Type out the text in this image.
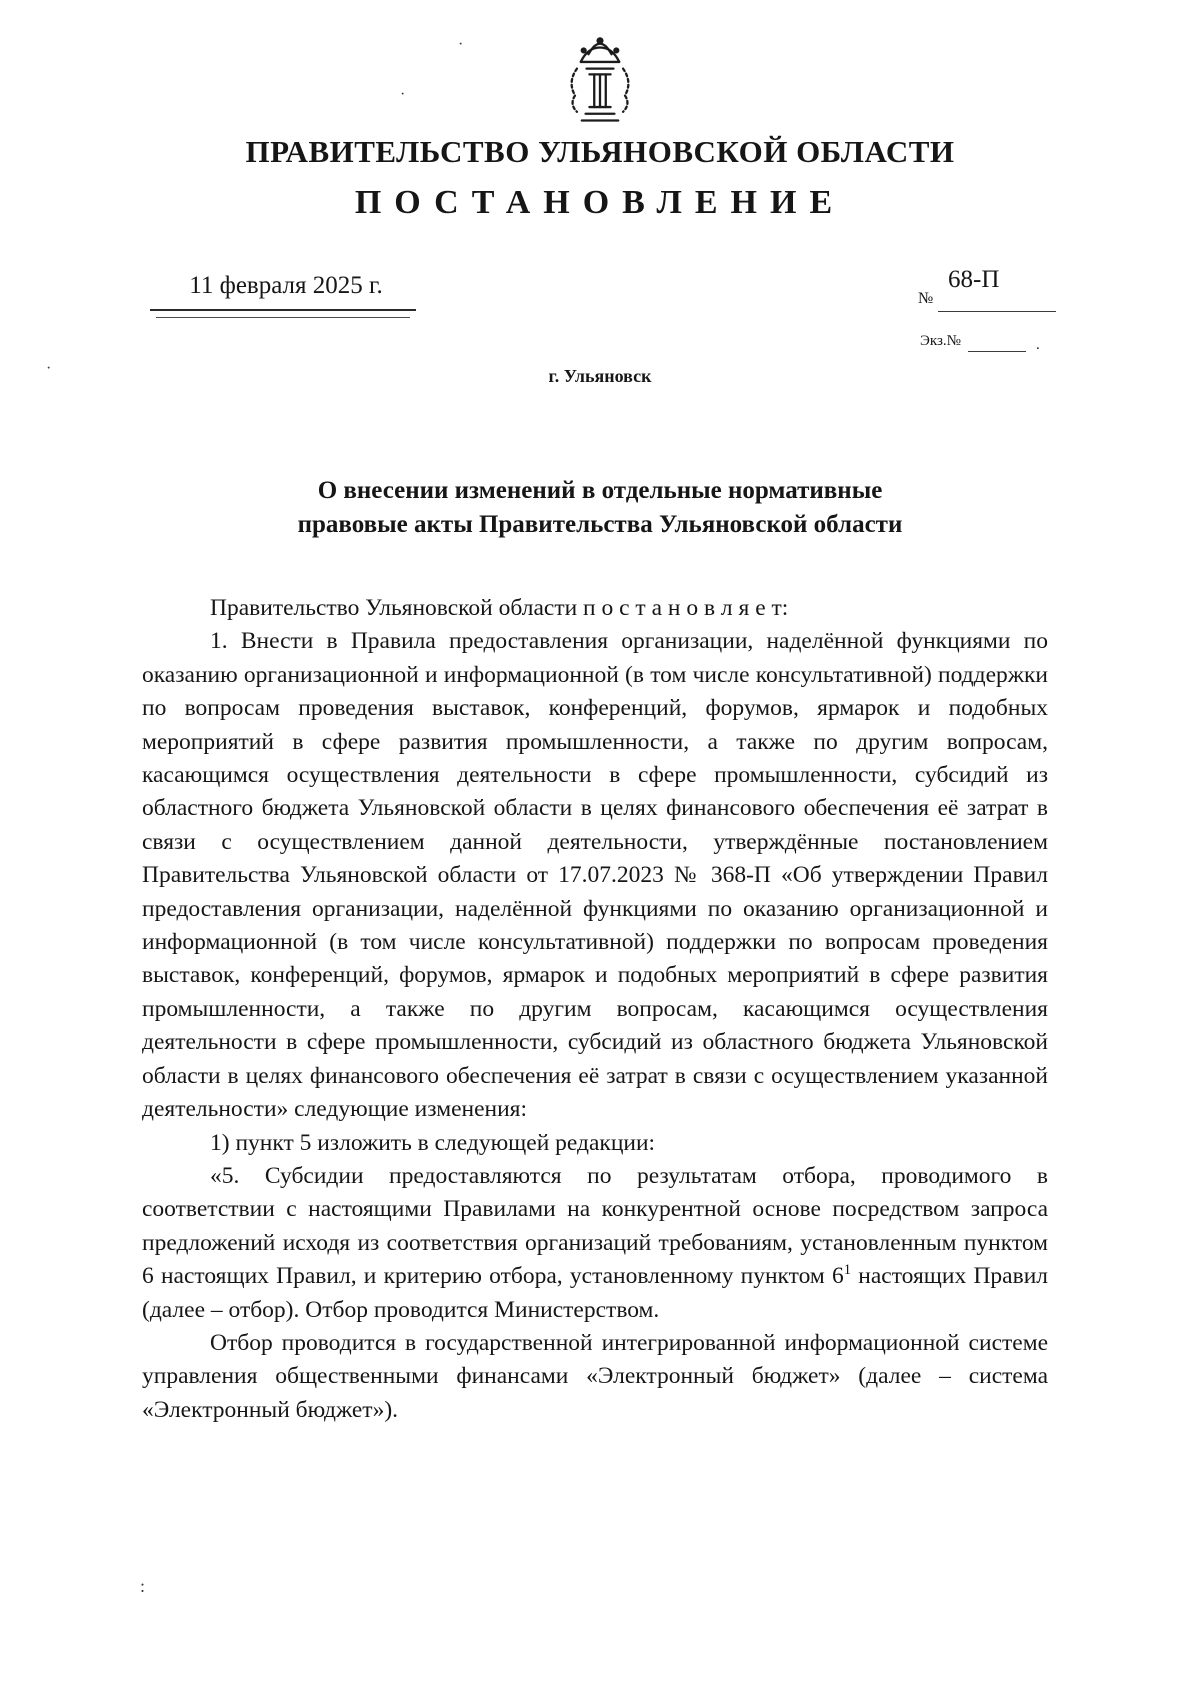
ПРАВИТЕЛЬСТВО УЛЬЯНОВСКОЙ ОБЛАСТИ
ПОСТАНОВЛЕНИЕ
11 февраля 2025 г.	68-П
№
Экз.№	.
г. Ульяновск
О внесении изменений в отдельные нормативные
правовые акты Правительства Ульяновской области

Правительство Ульяновской области п о с т а н о в л я е т:

1. Внести в Правила предоставления организации, наделённой функциями по оказанию организационной и информационной (в том числе консультативной) поддержки по вопросам проведения выставок, конференций, форумов, ярмарок и подобных мероприятий в сфере развития промышленности, а также по другим вопросам, касающимся осуществления деятельности в сфере промышленности, субсидий из областного бюджета Ульяновской области в целях финансового обеспечения её затрат в связи с осуществлением данной деятельности, утверждённые постановлением Правительства Ульяновской области от 17.07.2023 № 368-П «Об утверждении Правил предоставления организации, наделённой функциями по оказанию организационной и информационной (в том числе консультативной) поддержки по вопросам проведения выставок, конференций, форумов, ярмарок и подобных мероприятий в сфере развития промышленности, а также по другим вопросам, касающимся осуществления деятельности в сфере промышленности, субсидий из областного бюджета Ульяновской области в целях финансового обеспечения её затрат в связи с осуществлением указанной деятельности» следующие изменения:

1) пункт 5 изложить в следующей редакции:

«5. Субсидии предоставляются по результатам отбора, проводимого в соответствии с настоящими Правилами на конкурентной основе посредством запроса предложений исходя из соответствия организаций требованиям, установленным пунктом 6 настоящих Правил, и критерию отбора, установленному пунктом $6^1$ настоящих Правил (далее – отбор). Отбор проводится Министерством.

Отбор проводится в государственной интегрированной информационной системе управления общественными финансами «Электронный бюджет» (далее – система «Электронный бюджет»).

·
·
·
:
